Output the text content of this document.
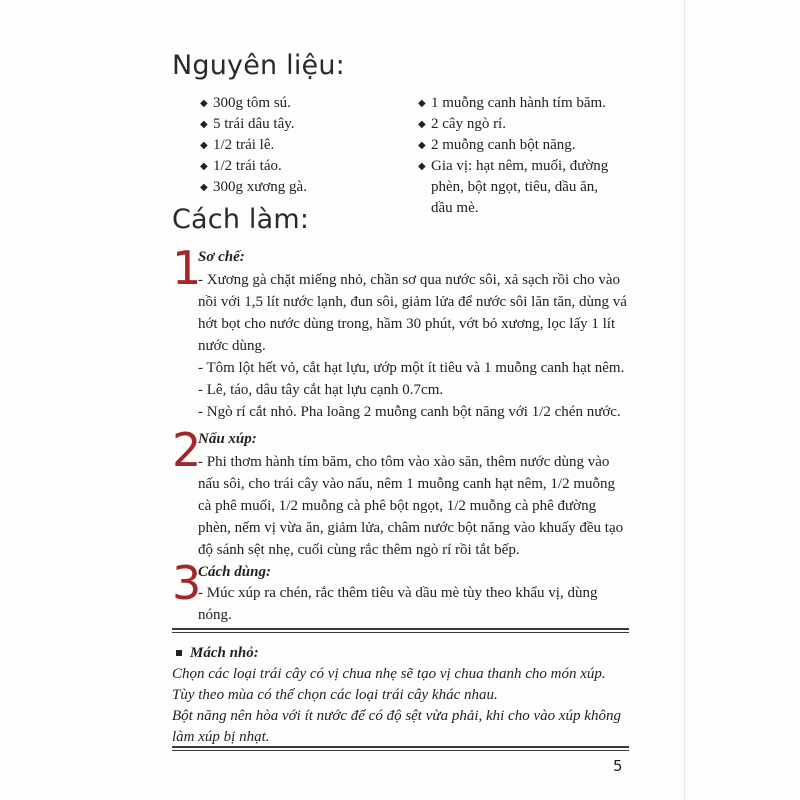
Nguyên liệu:
◆ 300g tôm sú.
◆ 5 trái dâu tây.
◆ 1/2 trái lê.
◆ 1/2 trái táo.
◆ 300g xương gà.
◆ 1 muỗng canh hành tím băm.
◆ 2 cây ngò rí.
◆ 2 muỗng canh bột năng.
◆ Gia vị: hạt nêm, muối, đường phèn, bột ngọt, tiêu, dầu ăn, dầu mè.
Cách làm:
1
Sơ chế:

- Xương gà chặt miếng nhỏ, chần sơ qua nước sôi, xả sạch rồi cho vào nồi với 1,5 lít nước lạnh, đun sôi, giảm lửa để nước sôi lăn tăn, dùng vá hớt bọt cho nước dùng trong, hầm 30 phút, vớt bỏ xương, lọc lấy 1 lít nước dùng.

- Tôm lột hết vỏ, cắt hạt lựu, ướp một ít tiêu và 1 muỗng canh hạt nêm.

- Lê, táo, dâu tây cắt hạt lựu cạnh 0.7cm.

- Ngò rí cắt nhỏ. Pha loãng 2 muỗng canh bột năng với 1/2 chén nước.

2
Nấu xúp:

- Phi thơm hành tím băm, cho tôm vào xào săn, thêm nước dùng vào nấu sôi, cho trái cây vào nấu, nêm 1 muỗng canh hạt nêm, 1/2 muỗng cà phê muối, 1/2 muỗng cà phê bột ngọt, 1/2 muỗng cà phê đường phèn, nếm vị vừa ăn, giảm lửa, châm nước bột năng vào khuấy đều tạo độ sánh sệt nhẹ, cuối cùng rắc thêm ngò rí rồi tắt bếp.

3
Cách dùng:

- Múc xúp ra chén, rắc thêm tiêu và dầu mè tùy theo khẩu vị, dùng nóng.

Mách nhỏ:

Chọn các loại trái cây có vị chua nhẹ sẽ tạo vị chua thanh cho món xúp.

Tùy theo mùa có thể chọn các loại trái cây khác nhau.

Bột năng nên hòa với ít nước để có độ sệt vừa phải, khi cho vào xúp không làm xúp bị nhạt.

5
